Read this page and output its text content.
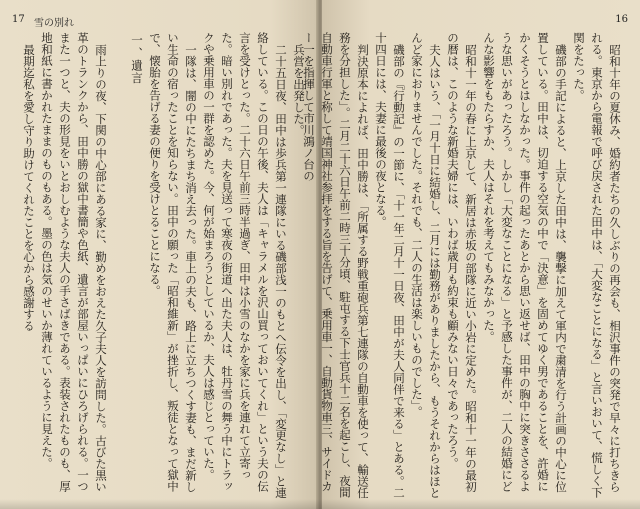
17 雪の別れ

兵営を出発した。

二十五日夜、田中は歩兵第一連隊にいる磯部浅一のもとへ伝令を出し、「変更なし」と連絡している。この日の午後、夫人は「キャラメルを沢山買っておいてくれ」という夫の伝言を受けとった。二十六日午前三時半過ぎ、田中は小雪のなかを家に兵を連れて立寄った。暗い別れであった。夫を見送って寒夜の街道へ出た夫人は、牡丹雪の舞う中にトラックや乗用車の一群を認めた。今、何が始まろうとしているか、夫人は感じとっていた。

一隊は、闇の中にたちまち消え去った。車上の夫も、路上に立ちつくす妻も、まだ新しい生命の宿ったことを知らない。田中の願った「昭和維新」が挫折し、叛徒となって獄中で、懐胎を告げる妻の便りを受けとることになる。

一、遺言

雨上りの夜、下関の中心部にある家に、勤めをおえた久子夫人を訪問した。古びた黒い革のトランクから、田中勝の獄中書簡や色紙、遺言が部屋いっぱいにひろげられる。一つまた一つと、夫の形見をいとおしむような夫人の手さばきである。表装されたものも、厚地和紙に書かれたままのものもある。墨の色は気のせいか薄れているように見えた。

最期迄私を愛し守り助けてくれたことを心から感謝する

16

昭和十年の夏休み、婚約者たちの久しぶりの再会も、相沢事件の突発で早々に打ちきられる。東京から電報で呼び戻された田中は、「大変なことになる」と言いおいて、慌しく下関をたった。

磯部の手記によると、上京した田中は、襲撃に加えて軍内で粛清を行う計画の中心に位置している。田中は、切迫する空気の中で「決意」を固めてゆく男であることを、許婚にかくそうとはしなかった。事件の起ったあとから思い返せば、田中の胸中に突きささるような思いがあったろう。しかし「大変なことになる」と予感した事件が、二人の結婚にどんな影響をもたらすか、夫人はそれを考えてもみなかった。

昭和十一年の春に上京して、新居は赤坂の部隊に近い小岩に定めた。昭和十一年の最初の暦は、このような新婚夫婦には、いわば歳月も約束も顧みない日々であったろう。

夫人はいう、「一月十日に結婚し、二月には勤務がありましたから、もうそれからはほとんど家におりませんでした。それでも、二人の生活は楽しいものでした」。

磯部の『行動記』の一節に、「十一年二月十一日夜、田中が夫人同伴で来る」とある。二十四日には、夫妻に最後の夜となる。

判決原本によれば、田中勝は、「所属する野戦重砲兵第七連隊の自動車を使って、輸送任務を分担した」。二月二十六日午前二時三十分頃、駐屯する下士官兵十二名を起こし、夜間自動車行軍と称して靖国神社参拝をする旨を告げて、乗用車一、自動貨物車三、サイドカー一を指揮して市川鴻ノ台の
